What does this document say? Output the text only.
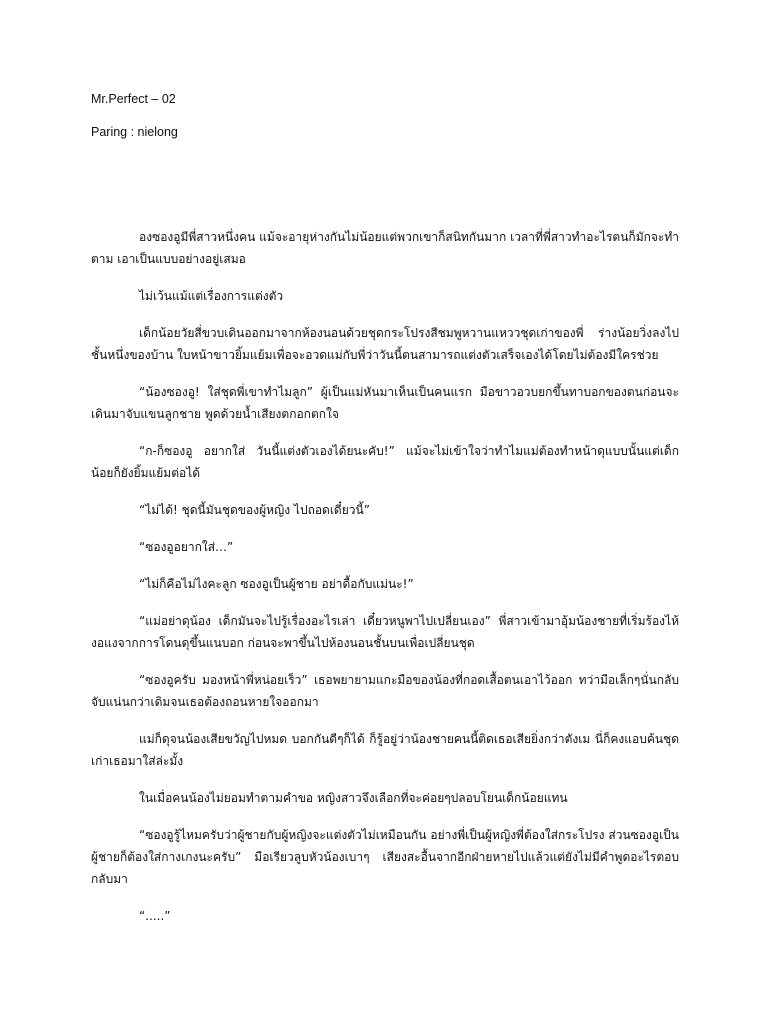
Mr.Perfect – 02
Paring : nielong

องซองอูมีพี่สาวหนึ่งคน แม้จะอายุห่างกันไม่น้อยแต่พวกเขาก็สนิทกันมาก เวลาที่พี่สาวทำอะไรตนก็มักจะทำตาม เอาเป็นแบบอย่างอยู่เสมอ

ไม่เว้นแม้แต่เรื่องการแต่งตัว

เด็กน้อยวัยสี่ขวบเดินออกมาจากห้องนอนด้วยชุดกระโปรงสีชมพูหวานแหววชุดเก่าของพี่ ร่างน้อยวิ่งลงไปชั้นหนึ่งของบ้าน ใบหน้าขาวยิ้มแย้มเพื่อจะอวดแม่กับพี่ว่าวันนี้ตนสามารถแต่งตัวเสร็จเองได้โดยไม่ต้องมีใครช่วย

“น้องซองอู! ใส่ชุดพี่เขาทำไมลูก” ผู้เป็นแม่หันมาเห็นเป็นคนแรก มือขาวอวบยกขึ้นทาบอกของตนก่อนจะเดินมาจับแขนลูกชาย พูดด้วยน้ำเสียงตกอกตกใจ

“ก-ก็ซองอู อยากใส่ วันนี้แต่งตัวเองได้ยนะคับ!” แม้จะไม่เข้าใจว่าทำไมแม่ต้องทำหน้าดุแบบนั้นแต่เด็กน้อยก็ยังยิ้มแย้มต่อได้

“ไม่ได้! ชุดนี้มันชุดของผู้หญิง ไปถอดเดี๋ยวนี้”

“ซองอูอยากใส่…”

“ไม่ก็คือไม่ไงคะลูก ซองอูเป็นผู้ชาย อย่าดื้อกับแม่นะ!”

“แม่อย่าดุน้อง เด็กมันจะไปรู้เรื่องอะไรเล่า เดี๋ยวหนูพาไปเปลี่ยนเอง” พี่สาวเข้ามาอุ้มน้องชายที่เริ่มร้องไห้งอแงจากการโดนดุขึ้นแนบอก ก่อนจะพาขึ้นไปห้องนอนชั้นบนเพื่อเปลี่ยนชุด

“ซองอูครับ มองหน้าพี่หน่อยเร็ว” เธอพยายามแกะมือของน้องที่กอดเสื้อตนเอาไว้ออก ทว่ามือเล็กๆนั่นกลับจับแน่นกว่าเดิมจนเธอต้องถอนหายใจออกมา

แม่ก็ดุจนน้องเสียขวัญไปหมด บอกกันดีๆก็ได้ ก็รู้อยู่ว่าน้องชายคนนี้ติดเธอเสียยิ่งกว่าตังเม นี่ก็คงแอบค้นชุดเก่าเธอมาใส่ล่ะมั้ง

ในเมื่อคนน้องไม่ยอมทำตามคำขอ หญิงสาวจึงเลือกที่จะค่อยๆปลอบโยนเด็กน้อยแทน

“ซองอูรู้ไหมครับว่าผู้ชายกับผู้หญิงจะแต่งตัวไม่เหมือนกัน อย่างพี่เป็นผู้หญิงพี่ต้องใส่กระโปรง ส่วนซองอูเป็นผู้ชายก็ต้องใส่กางเกงนะครับ” มือเรียวลูบหัวน้องเบาๆ เสียงสะอื้นจากอีกฝ่ายหายไปแล้วแต่ยังไม่มีคำพูดอะไรตอบกลับมา

“.....”
